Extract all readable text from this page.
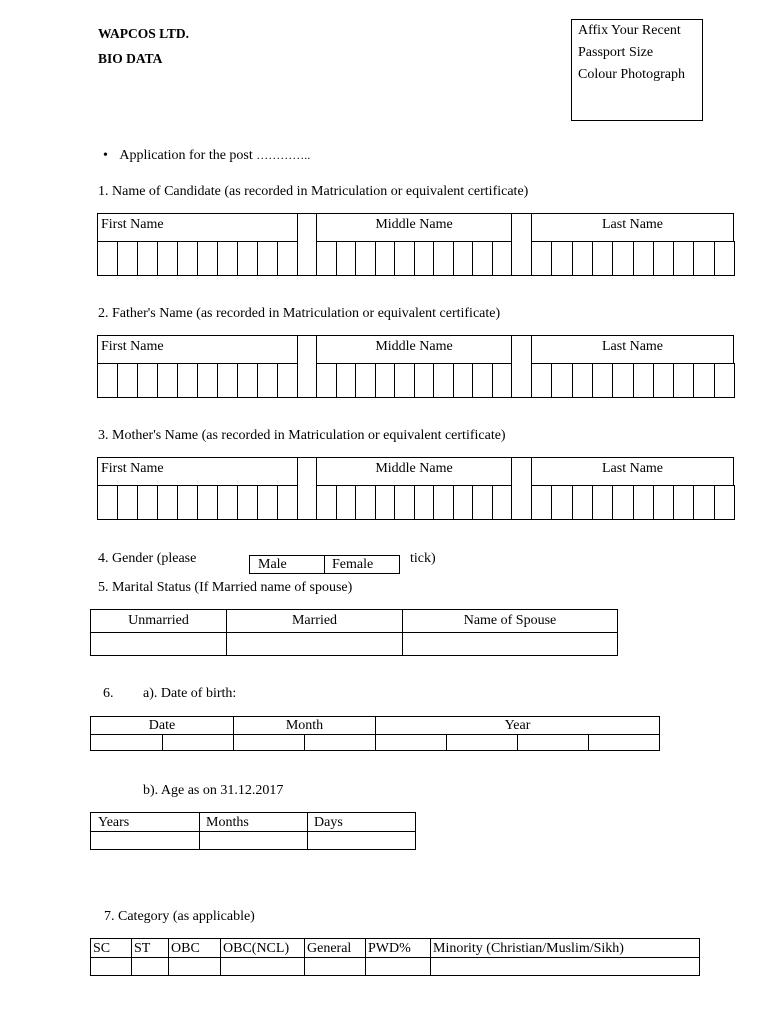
WAPCOS LTD.
BIO DATA
Affix Your Recent
Passport Size
Colour Photograph
• Application for the post …………..
1. Name of Candidate (as recorded in Matriculation or equivalent certificate)
First Name	Middle Name	Last Name
2. Father's Name (as recorded in Matriculation or equivalent certificate)
First Name	Middle Name	Last Name
3. Mother's Name (as recorded in Matriculation or equivalent certificate)
First Name	Middle Name	Last Name
4. Gender (please	Male	Female	tick)
5. Marital Status (If Married name of spouse)
Unmarried	Married	Name of Spouse

6. a). Date of birth:
Date		Month		Year			

b). Age as on 31.12.2017
Years	Months	Days

7. Category (as applicable)
SC	ST	OBC	OBC(NCL)	General	PWD%	Minority (Christian/Muslim/Sikh)
